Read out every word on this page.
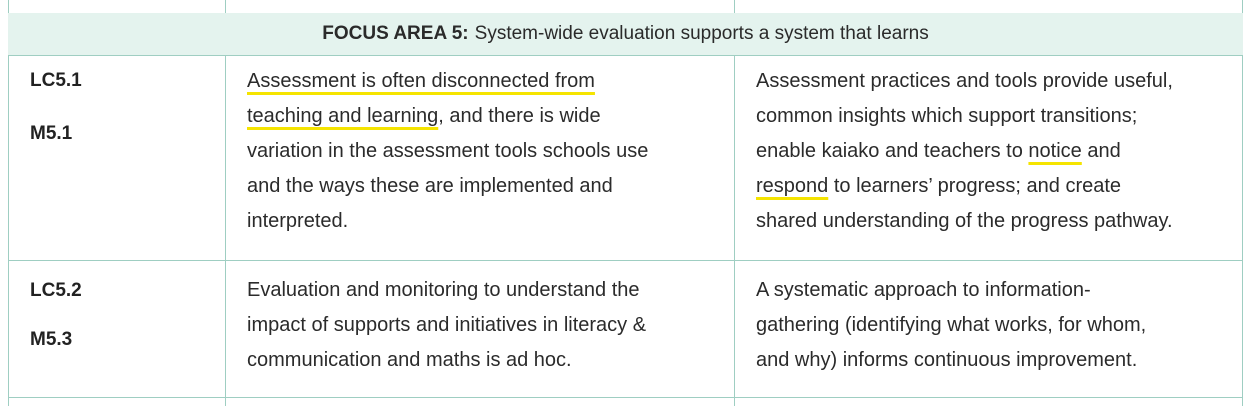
FOCUS AREA 5: System-wide evaluation supports a system that learns
LC5.1
M5.1
Assessment is often disconnected from
teaching and learning, and there is wide
variation in the assessment tools schools use
and the ways these are implemented and
interpreted.
Assessment practices and tools provide useful,
common insights which support transitions;
enable kaiako and teachers to notice and
respond to learners’ progress; and create
shared understanding of the progress pathway.
LC5.2
M5.3
Evaluation and monitoring to understand the
impact of supports and initiatives in literacy &
communication and maths is ad hoc.
A systematic approach to information-
gathering (identifying what works, for whom,
and why) informs continuous improvement.
